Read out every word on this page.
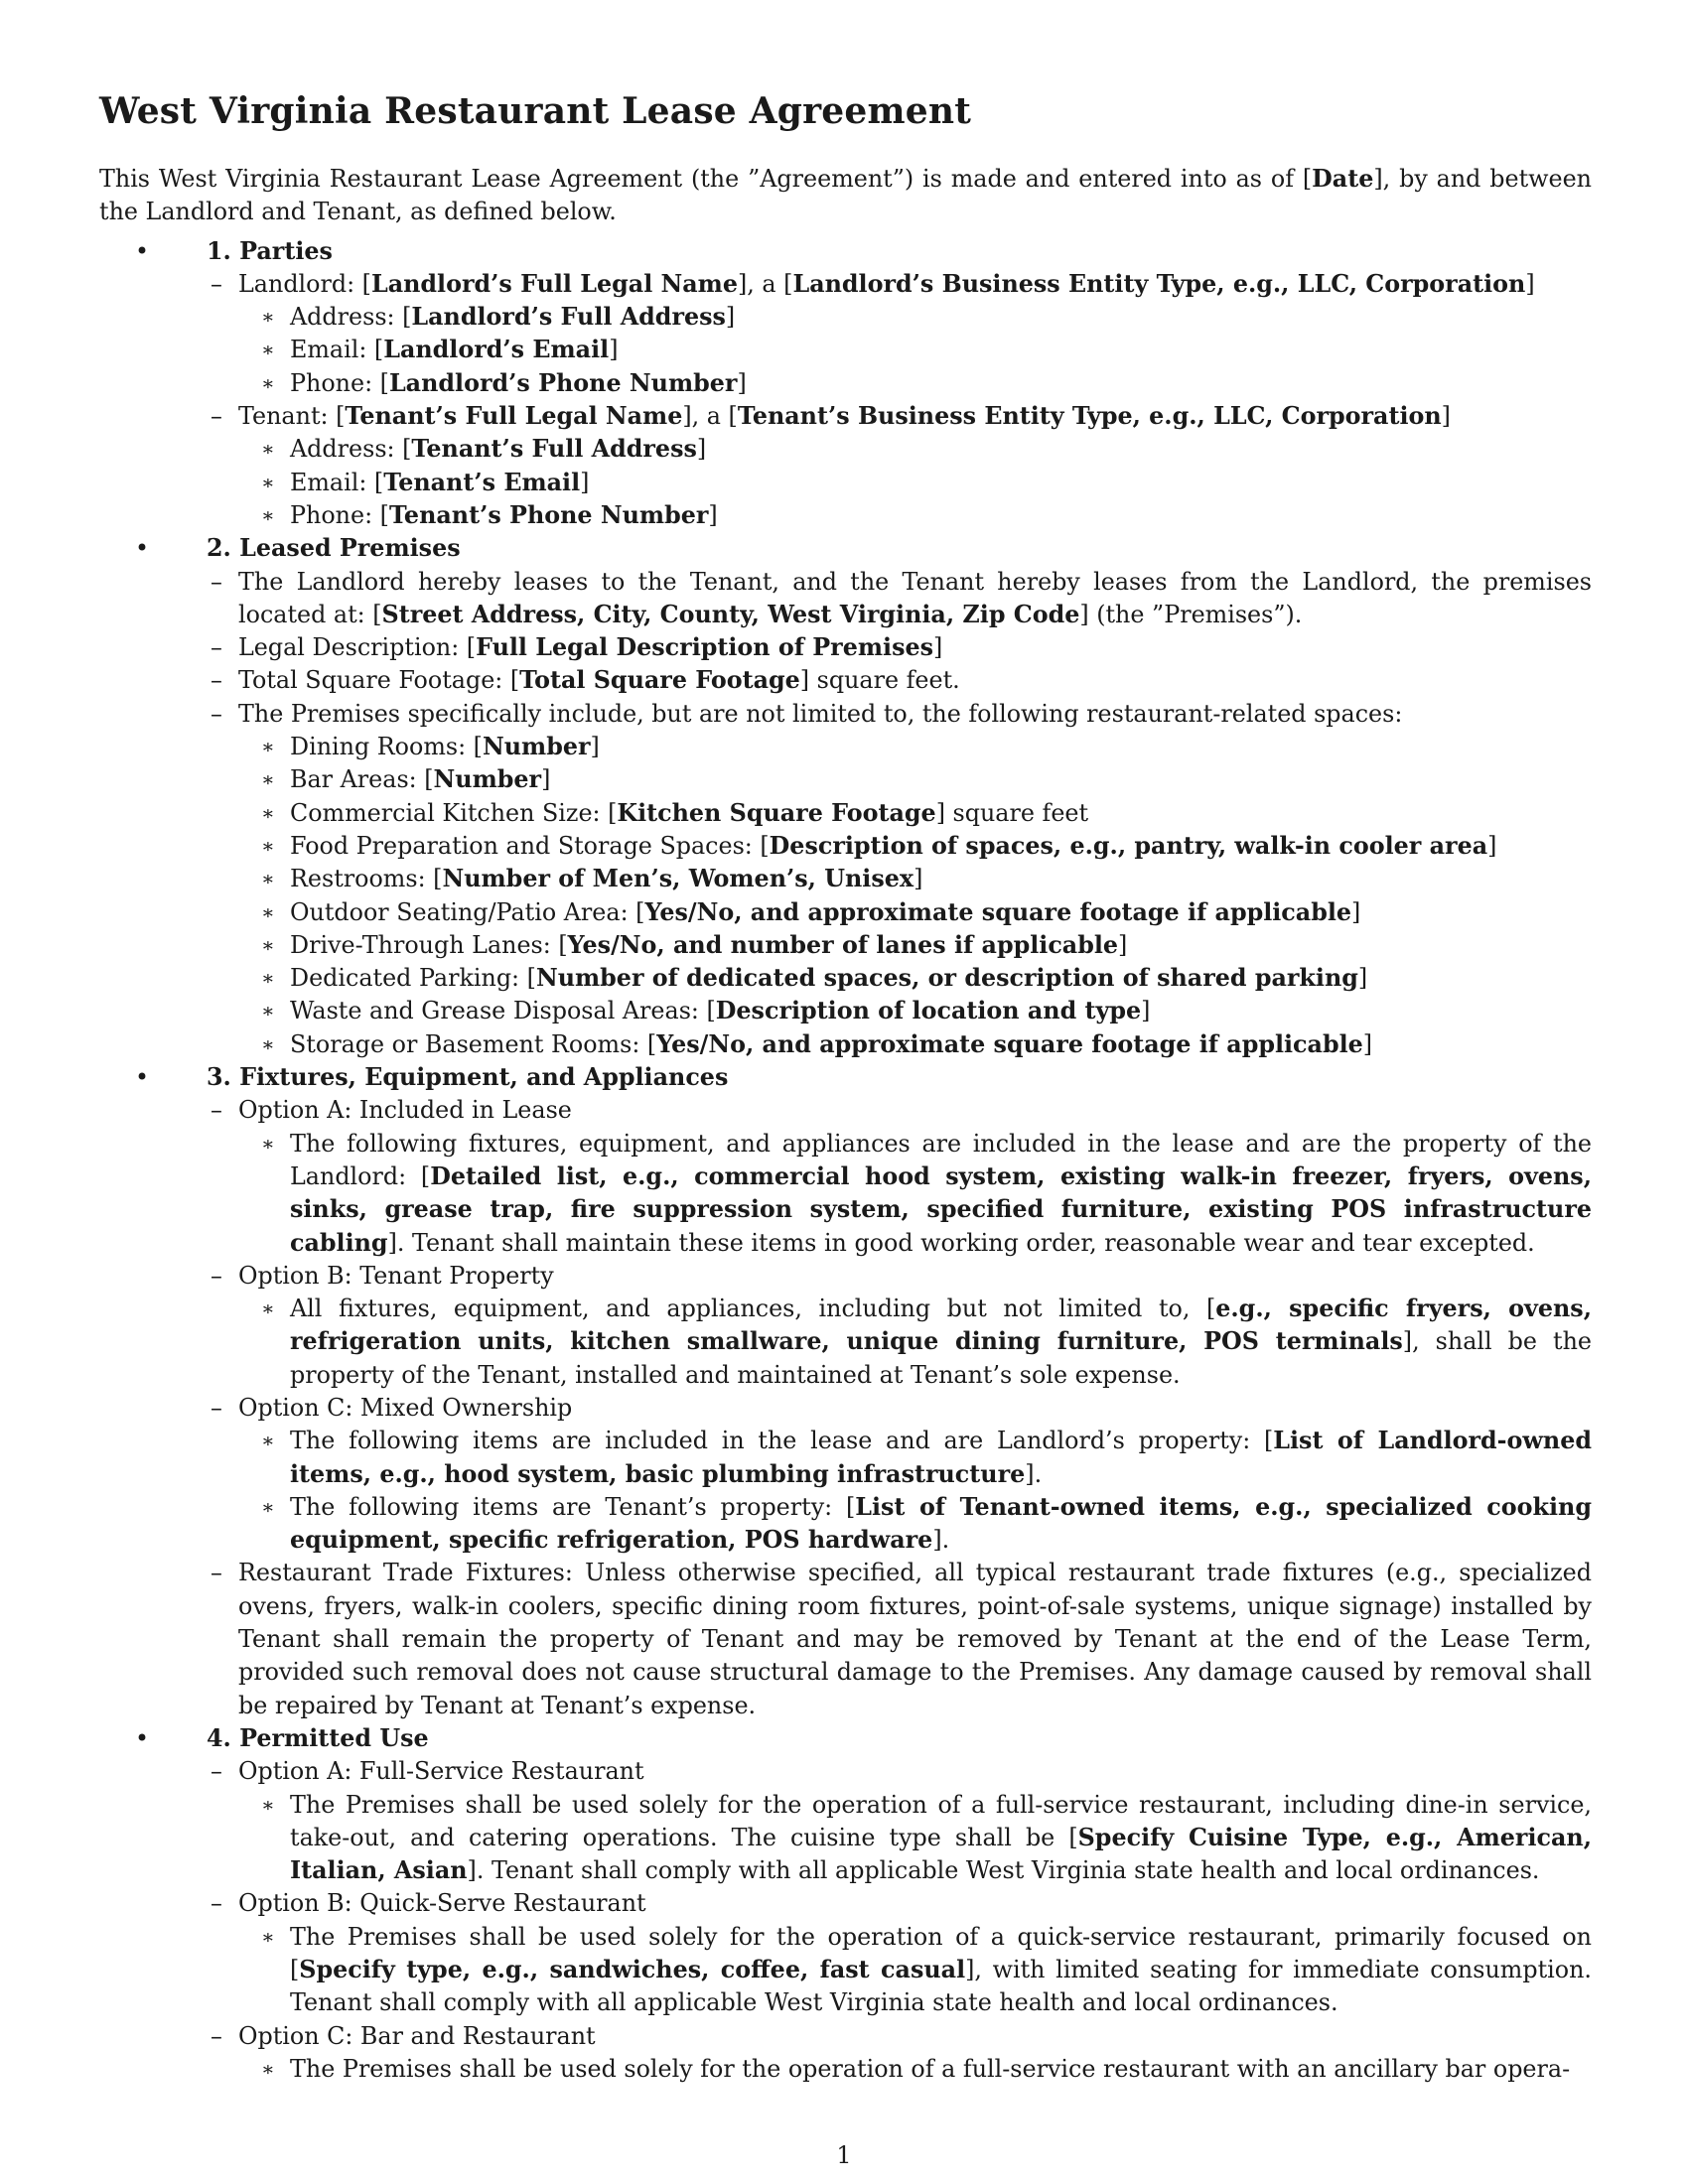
West Virginia Restaurant Lease Agreement

This West Virginia Restaurant Lease Agreement (the ”Agreement”) is made and entered into as of [Date], by and between the Landlord and Tenant, as defined below.

• 1. Parties
– Landlord: [Landlord’s Full Legal Name], a [Landlord’s Business Entity Type, e.g., LLC, Corporation]
∗ Address: [Landlord’s Full Address]
∗ Email: [Landlord’s Email]
∗ Phone: [Landlord’s Phone Number]
– Tenant: [Tenant’s Full Legal Name], a [Tenant’s Business Entity Type, e.g., LLC, Corporation]
∗ Address: [Tenant’s Full Address]
∗ Email: [Tenant’s Email]
∗ Phone: [Tenant’s Phone Number]
• 2. Leased Premises
– The Landlord hereby leases to the Tenant, and the Tenant hereby leases from the Landlord, the premises located at: [Street Address, City, County, West Virginia, Zip Code] (the ”Premises”).
– Legal Description: [Full Legal Description of Premises]
– Total Square Footage: [Total Square Footage] square feet.
– The Premises specifically include, but are not limited to, the following restaurant-related spaces:
∗ Dining Rooms: [Number]
∗ Bar Areas: [Number]
∗ Commercial Kitchen Size: [Kitchen Square Footage] square feet
∗ Food Preparation and Storage Spaces: [Description of spaces, e.g., pantry, walk-in cooler area]
∗ Restrooms: [Number of Men’s, Women’s, Unisex]
∗ Outdoor Seating/Patio Area: [Yes/No, and approximate square footage if applicable]
∗ Drive-Through Lanes: [Yes/No, and number of lanes if applicable]
∗ Dedicated Parking: [Number of dedicated spaces, or description of shared parking]
∗ Waste and Grease Disposal Areas: [Description of location and type]
∗ Storage or Basement Rooms: [Yes/No, and approximate square footage if applicable]
• 3. Fixtures, Equipment, and Appliances
– Option A: Included in Lease
∗ The following fixtures, equipment, and appliances are included in the lease and are the property of the Landlord: [Detailed list, e.g., commercial hood system, existing walk-in freezer, fryers, ovens, sinks, grease trap, fire suppression system, specified furniture, existing POS infrastructure cabling]. Tenant shall maintain these items in good working order, reasonable wear and tear excepted.
– Option B: Tenant Property
∗ All fixtures, equipment, and appliances, including but not limited to, [e.g., specific fryers, ovens, refrigeration units, kitchen smallware, unique dining furniture, POS terminals], shall be the property of the Tenant, installed and maintained at Tenant’s sole expense.
– Option C: Mixed Ownership
∗ The following items are included in the lease and are Landlord’s property: [List of Landlord-owned items, e.g., hood system, basic plumbing infrastructure].
∗ The following items are Tenant’s property: [List of Tenant-owned items, e.g., specialized cooking equipment, specific refrigeration, POS hardware].
– Restaurant Trade Fixtures: Unless otherwise specified, all typical restaurant trade fixtures (e.g., specialized ovens, fryers, walk-in coolers, specific dining room fixtures, point-of-sale systems, unique signage) installed by Tenant shall remain the property of Tenant and may be removed by Tenant at the end of the Lease Term, provided such removal does not cause structural damage to the Premises. Any damage caused by removal shall be repaired by Tenant at Tenant’s expense.
• 4. Permitted Use
– Option A: Full-Service Restaurant
∗ The Premises shall be used solely for the operation of a full-service restaurant, including dine-in service, take-out, and catering operations. The cuisine type shall be [Specify Cuisine Type, e.g., American, Italian, Asian]. Tenant shall comply with all applicable West Virginia state health and local ordinances.
– Option B: Quick-Serve Restaurant
∗ The Premises shall be used solely for the operation of a quick-service restaurant, primarily focused on [Specify type, e.g., sandwiches, coffee, fast casual], with limited seating for immediate consumption. Tenant shall comply with all applicable West Virginia state health and local ordinances.
– Option C: Bar and Restaurant
∗ The Premises shall be used solely for the operation of a full-service restaurant with an ancillary bar opera-
1
